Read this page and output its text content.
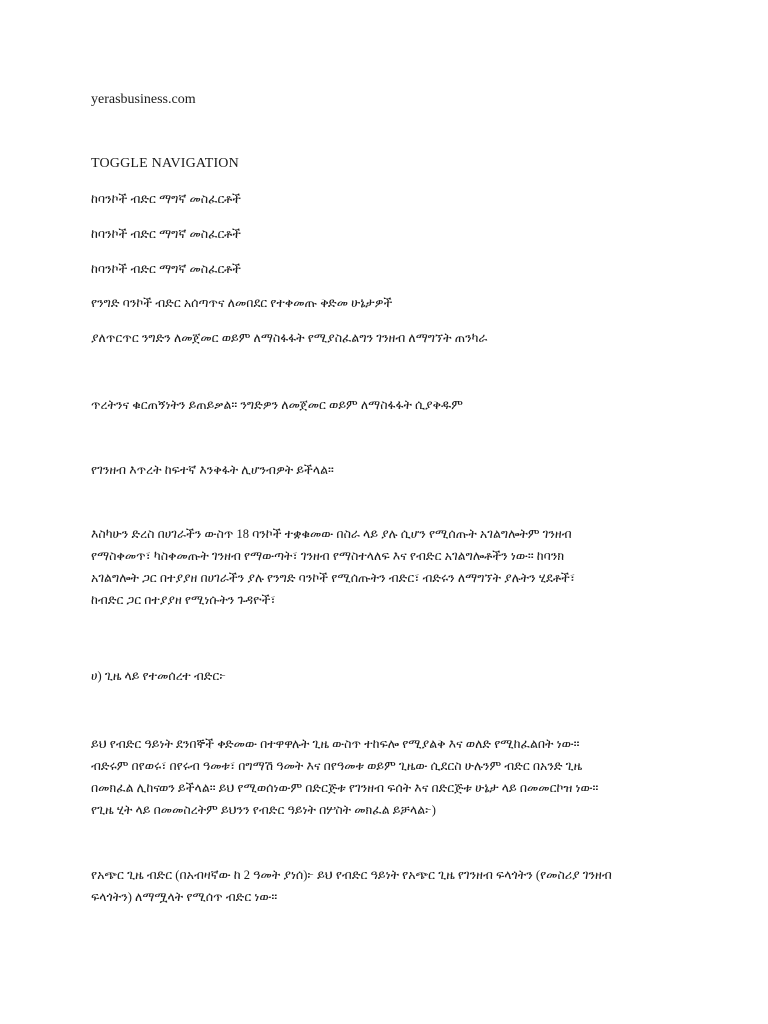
yerasbusiness.com

TOGGLE NAVIGATION

ከባንኮች ብድር ማግኛ መስፈርቶች
ከባንኮች ብድር ማግኛ መስፈርቶች
ከባንኮች ብድር ማግኛ መስፈርቶች

የንግድ ባንኮች ብድር አሰጣጥና ለመበደር የተቀመጡ ቅድመ ሁኔታዎች

ያለጥርጥር ንግድን ለመጀመር ወይም ለማስፋፋት የሚያስፈልግን ገንዘብ ለማግኘት ጠንካራ

ጥረትንና ቁርጠኝነትን ይጠይቃል። ንግድዎን ለመጀመር ወይም ለማስፋፋት ሲያቅዱም

የገንዘብ እጥረት ከፍተኛ እንቅፋት ሊሆንብዎት ይችላል።

እስካሁን ድረስ በሀገራችን ውስጥ 18 ባንኮች ተቋቁመው በስራ ላይ ያሉ ሲሆን የሚሰጡት አገልግሎትም ገንዘብ
የማስቀመጥ፣ ካስቀመጡት ገንዘብ የማውጣት፣ ገንዘብ የማስተላለፍ እና የብድር አገልግሎቶችን ነው። ከባንክ
አገልግሎት ጋር በተያያዘ በሀገራችን ያሉ የንግድ ባንኮች የሚሰጡትን ብድር፣ ብድሩን ለማግኘት ያሉትን ሂደቶች፣
ከብድር ጋር በተያያዘ የሚነሱትን ጉዳዮች፣

ሀ) ጊዜ ላይ የተመሰረተ ብድር፦

ይህ የብድር ዓይነት ደንበኞች ቀድመው በተዋዋሉት ጊዜ ውስጥ ተከፍሎ የሚያልቅ እና ወለድ የሚከፈልበት ነው።
ብድሩም በየወሩ፣ በየሩብ ዓመቱ፣ በግማሽ ዓመት እና በየዓመቱ ወይም ጊዜው ሲደርስ ሁሉንም ብድር በአንድ ጊዜ
በመክፈል ሊከናወን ይችላል። ይህ የሚወሰነውም በድርጅቱ የገንዘብ ፍሰት እና በድርጅቱ ሁኔታ ላይ በመመርኮዝ ነው።
የጊዜ ሂት ላይ በመመስረትም ይህንን የብድር ዓይነት በሦስት መክፈል ይቻላል፦)
የአጭር ጊዜ ብድር (በአብዛኛው ከ 2 ዓመት ያነሰ)፦ ይህ የብድር ዓይነት የአጭር ጊዜ የገንዘብ ፍላጎትን (የመስሪያ ገንዘብ
ፍላጎትን) ለማሟላት የሚሰጥ ብድር ነው።
